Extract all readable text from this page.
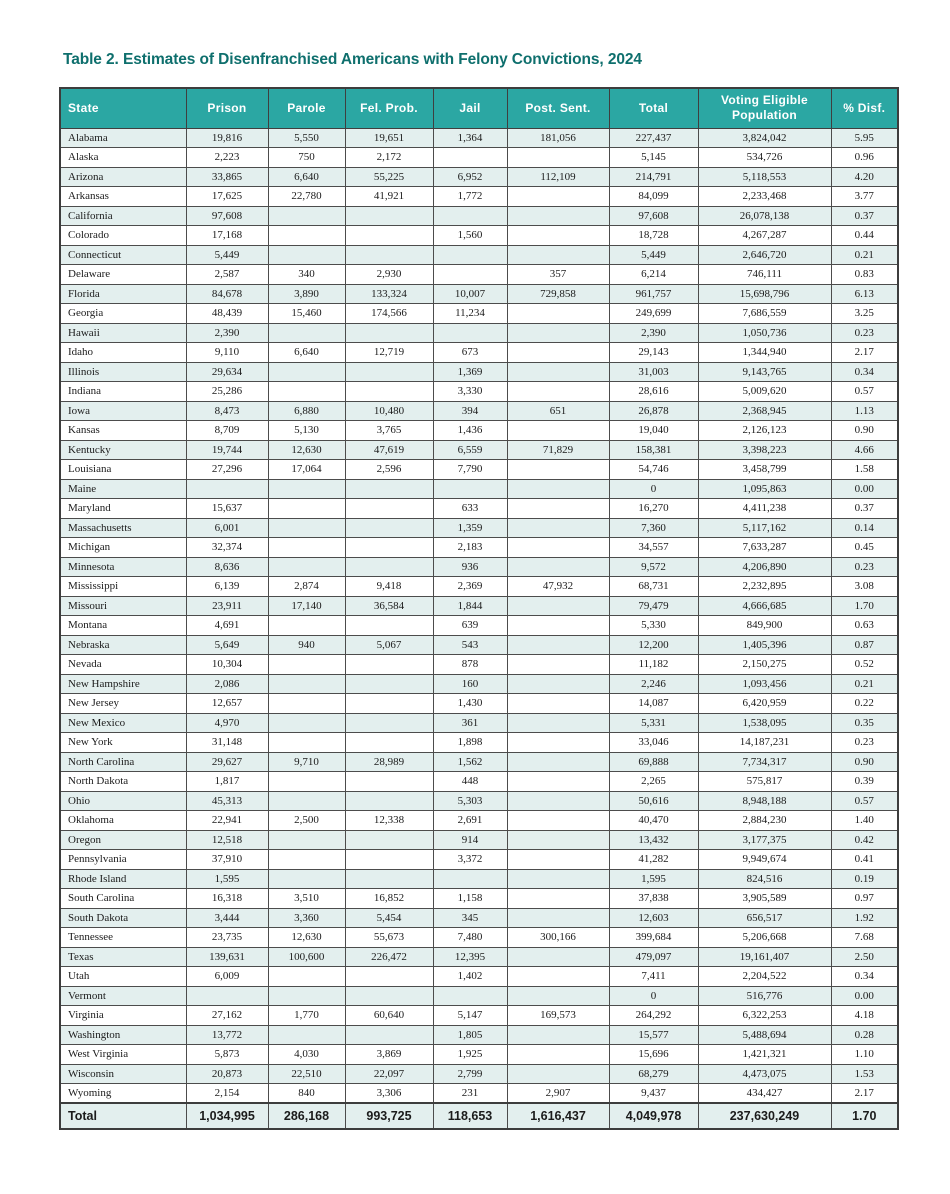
Table 2. Estimates of Disenfranchised Americans with Felony Convictions, 2024
State	Prison	Parole	Fel. Prob.	Jail	Post. Sent.	Total	Voting Eligible Population	% Disf.
Alabama	19,816	5,550	19,651	1,364	181,056	227,437	3,824,042	5.95
Alaska	2,223	750	2,172			5,145	534,726	0.96
Arizona	33,865	6,640	55,225	6,952	112,109	214,791	5,118,553	4.20
Arkansas	17,625	22,780	41,921	1,772		84,099	2,233,468	3.77
California	97,608					97,608	26,078,138	0.37
Colorado	17,168			1,560		18,728	4,267,287	0.44
Connecticut	5,449					5,449	2,646,720	0.21
Delaware	2,587	340	2,930		357	6,214	746,111	0.83
Florida	84,678	3,890	133,324	10,007	729,858	961,757	15,698,796	6.13
Georgia	48,439	15,460	174,566	11,234		249,699	7,686,559	3.25
Hawaii	2,390					2,390	1,050,736	0.23
Idaho	9,110	6,640	12,719	673		29,143	1,344,940	2.17
Illinois	29,634			1,369		31,003	9,143,765	0.34
Indiana	25,286			3,330		28,616	5,009,620	0.57
Iowa	8,473	6,880	10,480	394	651	26,878	2,368,945	1.13
Kansas	8,709	5,130	3,765	1,436		19,040	2,126,123	0.90
Kentucky	19,744	12,630	47,619	6,559	71,829	158,381	3,398,223	4.66
Louisiana	27,296	17,064	2,596	7,790		54,746	3,458,799	1.58
Maine						0	1,095,863	0.00
Maryland	15,637			633		16,270	4,411,238	0.37
Massachusetts	6,001			1,359		7,360	5,117,162	0.14
Michigan	32,374			2,183		34,557	7,633,287	0.45
Minnesota	8,636			936		9,572	4,206,890	0.23
Mississippi	6,139	2,874	9,418	2,369	47,932	68,731	2,232,895	3.08
Missouri	23,911	17,140	36,584	1,844		79,479	4,666,685	1.70
Montana	4,691			639		5,330	849,900	0.63
Nebraska	5,649	940	5,067	543		12,200	1,405,396	0.87
Nevada	10,304			878		11,182	2,150,275	0.52
New Hampshire	2,086			160		2,246	1,093,456	0.21
New Jersey	12,657			1,430		14,087	6,420,959	0.22
New Mexico	4,970			361		5,331	1,538,095	0.35
New York	31,148			1,898		33,046	14,187,231	0.23
North Carolina	29,627	9,710	28,989	1,562		69,888	7,734,317	0.90
North Dakota	1,817			448		2,265	575,817	0.39
Ohio	45,313			5,303		50,616	8,948,188	0.57
Oklahoma	22,941	2,500	12,338	2,691		40,470	2,884,230	1.40
Oregon	12,518			914		13,432	3,177,375	0.42
Pennsylvania	37,910			3,372		41,282	9,949,674	0.41
Rhode Island	1,595					1,595	824,516	0.19
South Carolina	16,318	3,510	16,852	1,158		37,838	3,905,589	0.97
South Dakota	3,444	3,360	5,454	345		12,603	656,517	1.92
Tennessee	23,735	12,630	55,673	7,480	300,166	399,684	5,206,668	7.68
Texas	139,631	100,600	226,472	12,395		479,097	19,161,407	2.50
Utah	6,009			1,402		7,411	2,204,522	0.34
Vermont						0	516,776	0.00
Virginia	27,162	1,770	60,640	5,147	169,573	264,292	6,322,253	4.18
Washington	13,772			1,805		15,577	5,488,694	0.28
West Virginia	5,873	4,030	3,869	1,925		15,696	1,421,321	1.10
Wisconsin	20,873	22,510	22,097	2,799		68,279	4,473,075	1.53
Wyoming	2,154	840	3,306	231	2,907	9,437	434,427	2.17
Total	1,034,995	286,168	993,725	118,653	1,616,437	4,049,978	237,630,249	1.70
